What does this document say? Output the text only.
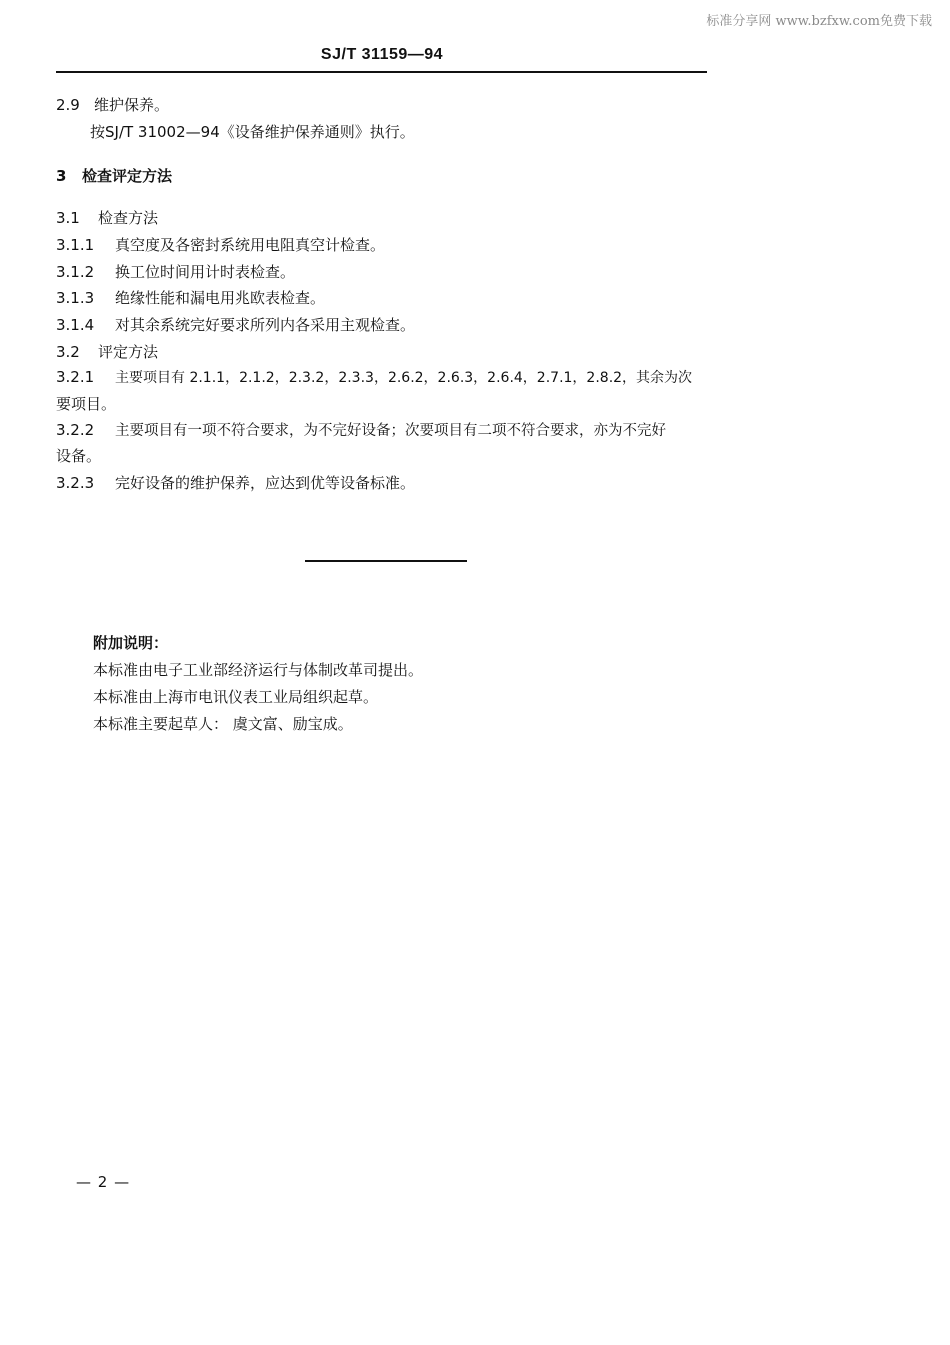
标准分享网 www.bzfxw.com免费下载
SJ/T 31159—94
2.9 维护保养。
按SJ/T 31002—94《设备维护保养通则》执行。
3 检查评定方法
3.1 检查方法
3.1.1 真空度及各密封系统用电阻真空计检查。
3.1.2 换工位时间用计时表检查。
3.1.3 绝缘性能和漏电用兆欧表检查。
3.1.4 对其余系统完好要求所列内各采用主观检查。
3.2 评定方法
3.2.1 主要项目有 2.1.1，2.1.2，2.3.2，2.3.3，2.6.2，2.6.3，2.6.4，2.7.1，2.8.2，其余为次
要项目。
3.2.2 主要项目有一项不符合要求，为不完好设备；次要项目有二项不符合要求，亦为不完好
设备。
3.2.3 完好设备的维护保养，应达到优等设备标准。
附加说明：
本标准由电子工业部经济运行与体制改革司提出。
本标准由上海市电讯仪表工业局组织起草。
本标准主要起草人： 虞文富、励宝成。
— 2 —
